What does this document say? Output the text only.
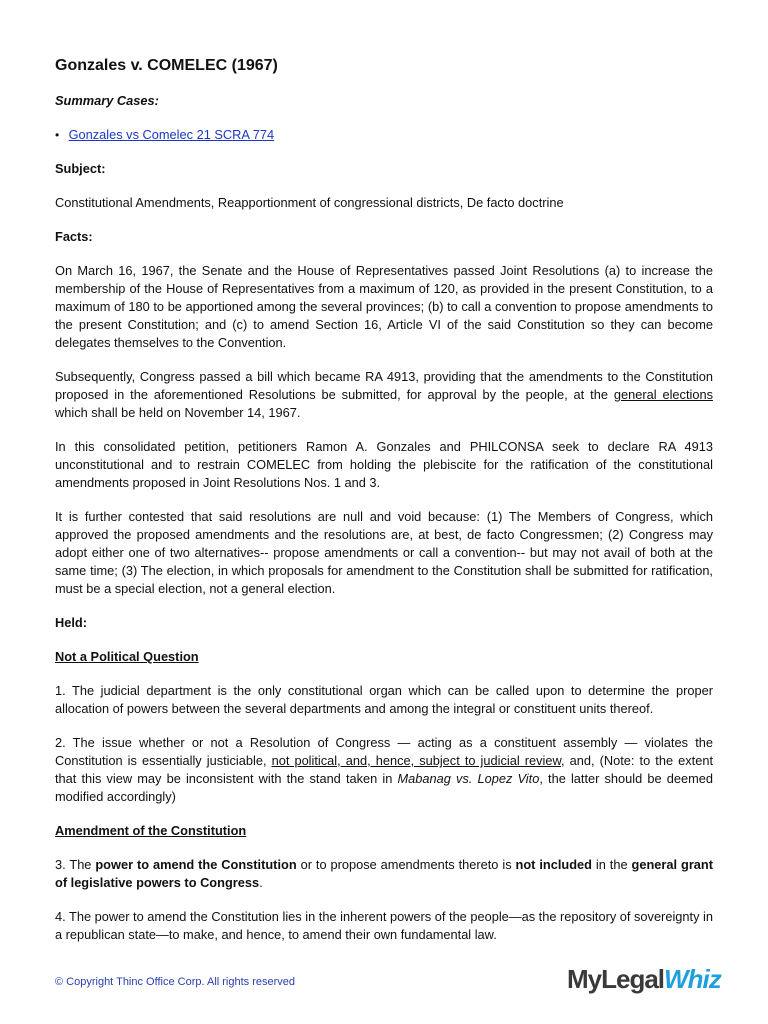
Gonzales v. COMELEC (1967)
Summary Cases:
• Gonzales vs Comelec 21 SCRA 774
Subject:

Constitutional Amendments, Reapportionment of congressional districts, De facto doctrine

Facts:

On March 16, 1967, the Senate and the House of Representatives passed Joint Resolutions (a) to increase the membership of the House of Representatives from a maximum of 120, as provided in the present Constitution, to a maximum of 180 to be apportioned among the several provinces; (b) to call a convention to propose amendments to the present Constitution; and (c) to amend Section 16, Article VI of the said Constitution so they can become delegates themselves to the Convention.

Subsequently, Congress passed a bill which became RA 4913, providing that the amendments to the Constitution proposed in the aforementioned Resolutions be submitted, for approval by the people, at the general elections which shall be held on November 14, 1967.

In this consolidated petition, petitioners Ramon A. Gonzales and PHILCONSA seek to declare RA 4913 unconstitutional and to restrain COMELEC from holding the plebiscite for the ratification of the constitutional amendments proposed in Joint Resolutions Nos. 1 and 3.

It is further contested that said resolutions are null and void because: (1) The Members of Congress, which approved the proposed amendments and the resolutions are, at best, de facto Congressmen; (2) Congress may adopt either one of two alternatives-- propose amendments or call a convention-- but may not avail of both at the same time; (3) The election, in which proposals for amendment to the Constitution shall be submitted for ratification, must be a special election, not a general election.

Held:
Not a Political Question

1. The judicial department is the only constitutional organ which can be called upon to determine the proper allocation of powers between the several departments and among the integral or constituent units thereof.

2. The issue whether or not a Resolution of Congress — acting as a constituent assembly — violates the Constitution is essentially justiciable, not political, and, hence, subject to judicial review, and, (Note: to the extent that this view may be inconsistent with the stand taken in Mabanag vs. Lopez Vito, the latter should be deemed modified accordingly)

Amendment of the Constitution

3. The power to amend the Constitution or to propose amendments thereto is not included in the general grant of legislative powers to Congress.

4. The power to amend the Constitution lies in the inherent powers of the people—as the repository of sovereignty in a republican state—to make, and hence, to amend their own fundamental law.

© Copyright Thinc Office Corp. All rights reserved	MyLegalWhiz
